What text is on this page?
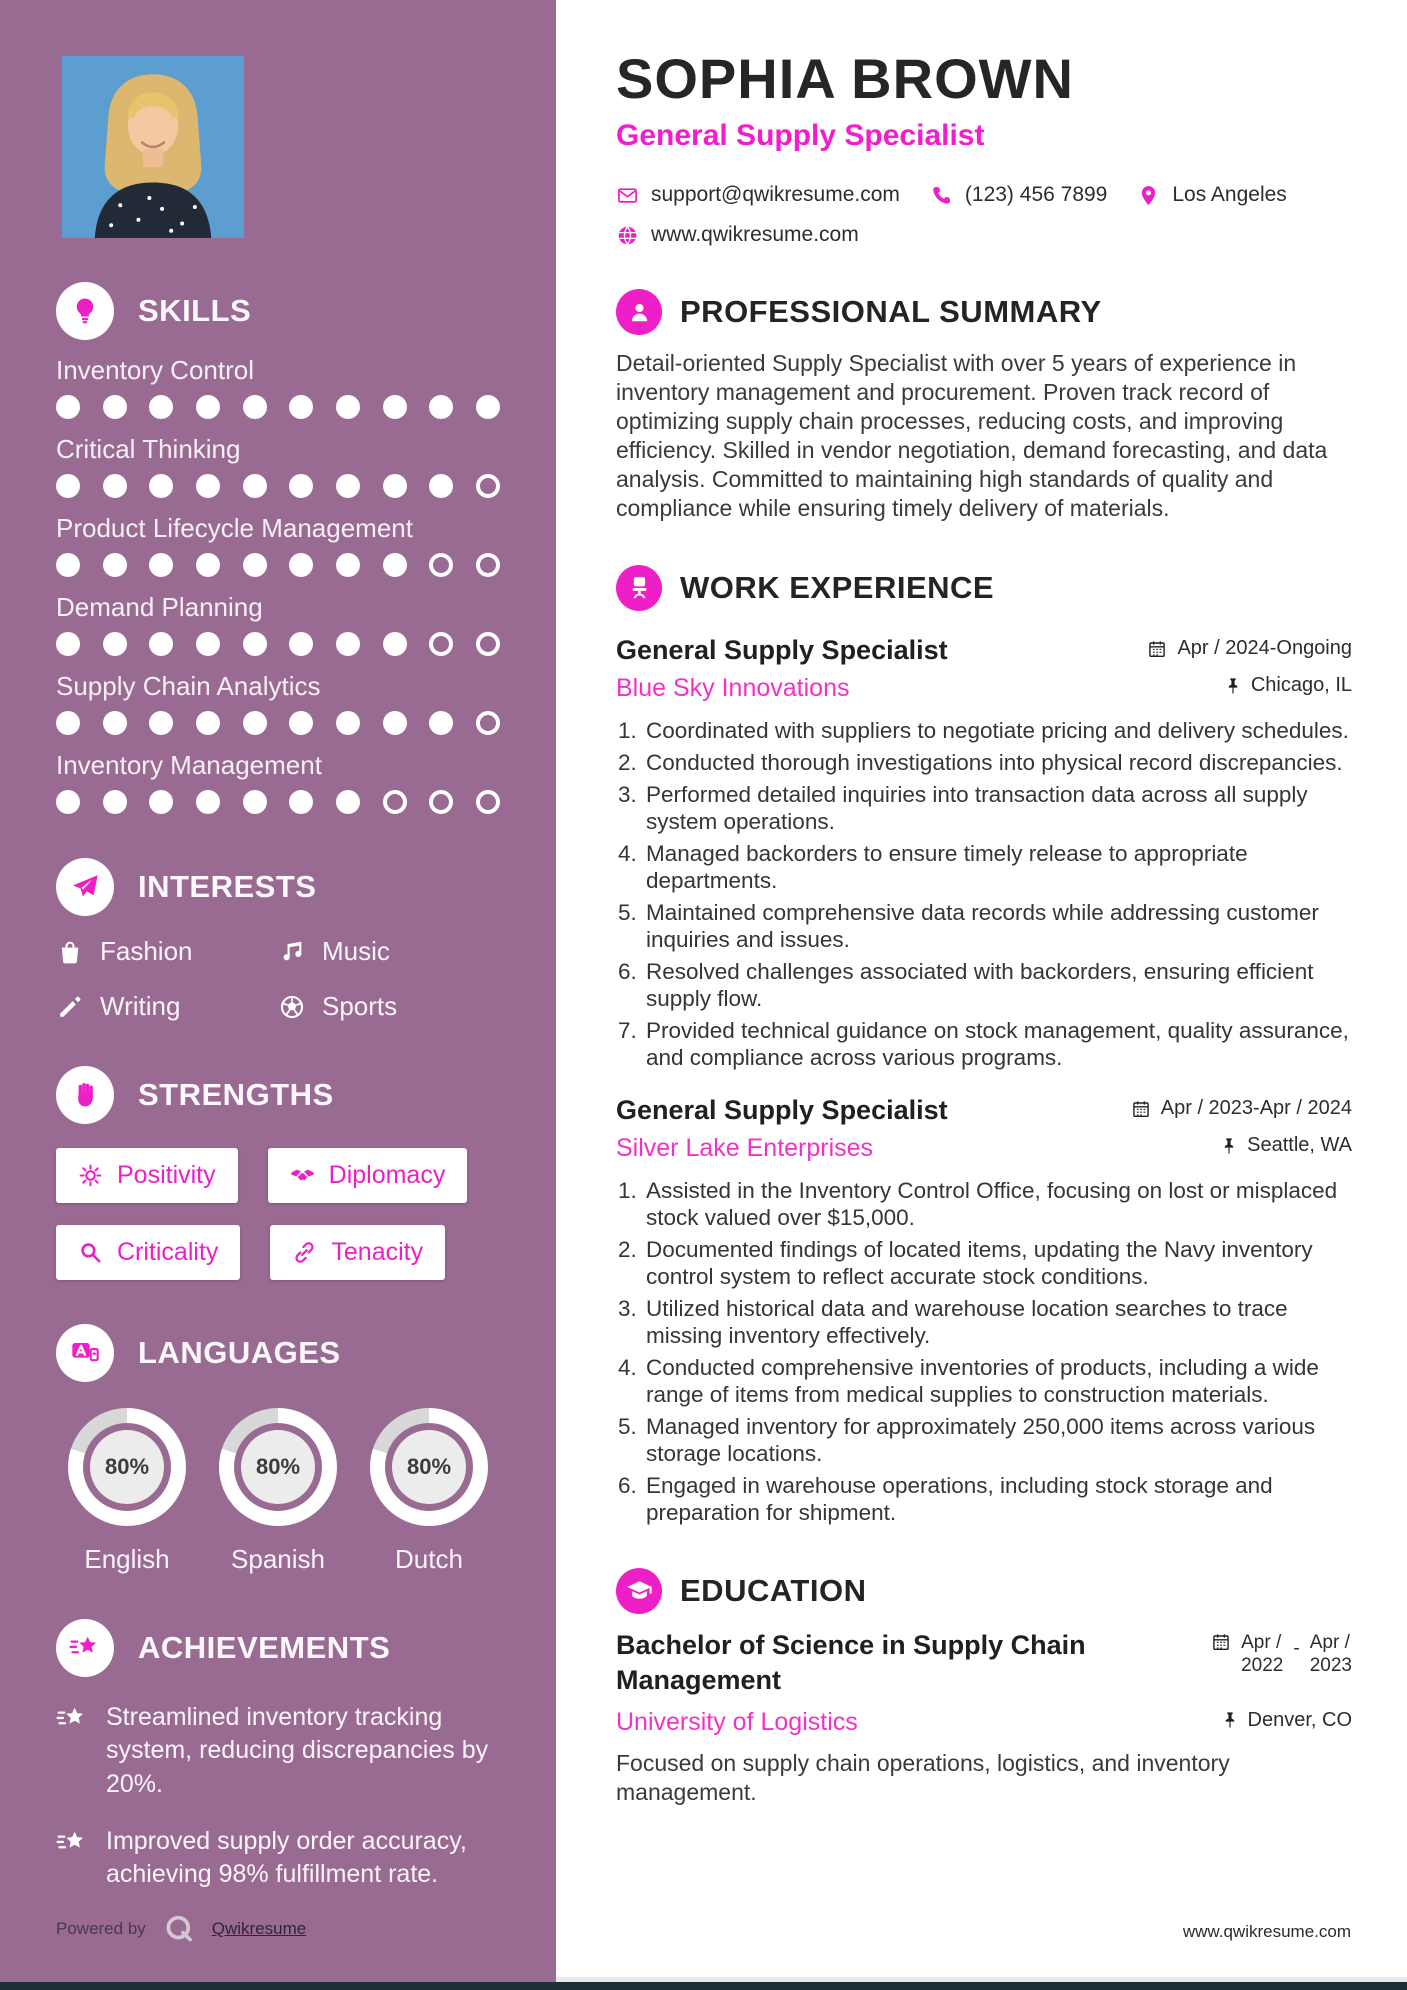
SKILLS
Inventory Control
Critical Thinking
Product Lifecycle Management
Demand Planning
Supply Chain Analytics
Inventory Management
INTERESTS
Fashion	Music
Writing	Sports
STRENGTHS
Positivity	Diplomacy
Criticality	Tenacity
LANGUAGES
80%
English
80%
Spanish
80%
Dutch
ACHIEVEMENTS

Streamlined inventory tracking system, reducing discrepancies by 20%.

Improved supply order accuracy, achieving 98% fulfillment rate.

Powered by	Qwikresume
SOPHIA BROWN

General Supply Specialist

support@qwikresume.com	(123) 456 7899	Los Angeles
www.qwikresume.com
PROFESSIONAL SUMMARY

Detail-oriented Supply Specialist with over 5 years of experience in inventory management and procurement. Proven track record of optimizing supply chain processes, reducing costs, and improving efficiency. Skilled in vendor negotiation, demand forecasting, and data analysis. Committed to maintaining high standards of quality and compliance while ensuring timely delivery of materials.

WORK EXPERIENCE
General Supply Specialist	Apr / 2024-Ongoing
Blue Sky Innovations	Chicago, IL
1. Coordinated with suppliers to negotiate pricing and delivery schedules.
2. Conducted thorough investigations into physical record discrepancies.
3. Performed detailed inquiries into transaction data across all supply system operations.
4. Managed backorders to ensure timely release to appropriate departments.
5. Maintained comprehensive data records while addressing customer inquiries and issues.
6. Resolved challenges associated with backorders, ensuring efficient supply flow.
7. Provided technical guidance on stock management, quality assurance, and compliance across various programs.
General Supply Specialist	Apr / 2023-Apr / 2024
Silver Lake Enterprises	Seattle, WA
1. Assisted in the Inventory Control Office, focusing on lost or misplaced stock valued over $15,000.
2. Documented findings of located items, updating the Navy inventory control system to reflect accurate stock conditions.
3. Utilized historical data and warehouse location searches to trace missing inventory effectively.
4. Conducted comprehensive inventories of products, including a wide range of items from medical supplies to construction materials.
5. Managed inventory for approximately 250,000 items across various storage locations.
6. Engaged in warehouse operations, including stock storage and preparation for shipment.
EDUCATION
Bachelor of Science in Supply Chain Management
Apr /
2022
- Apr /
2023
University of Logistics	Denver, CO

Focused on supply chain operations, logistics, and inventory management.

www.qwikresume.com
